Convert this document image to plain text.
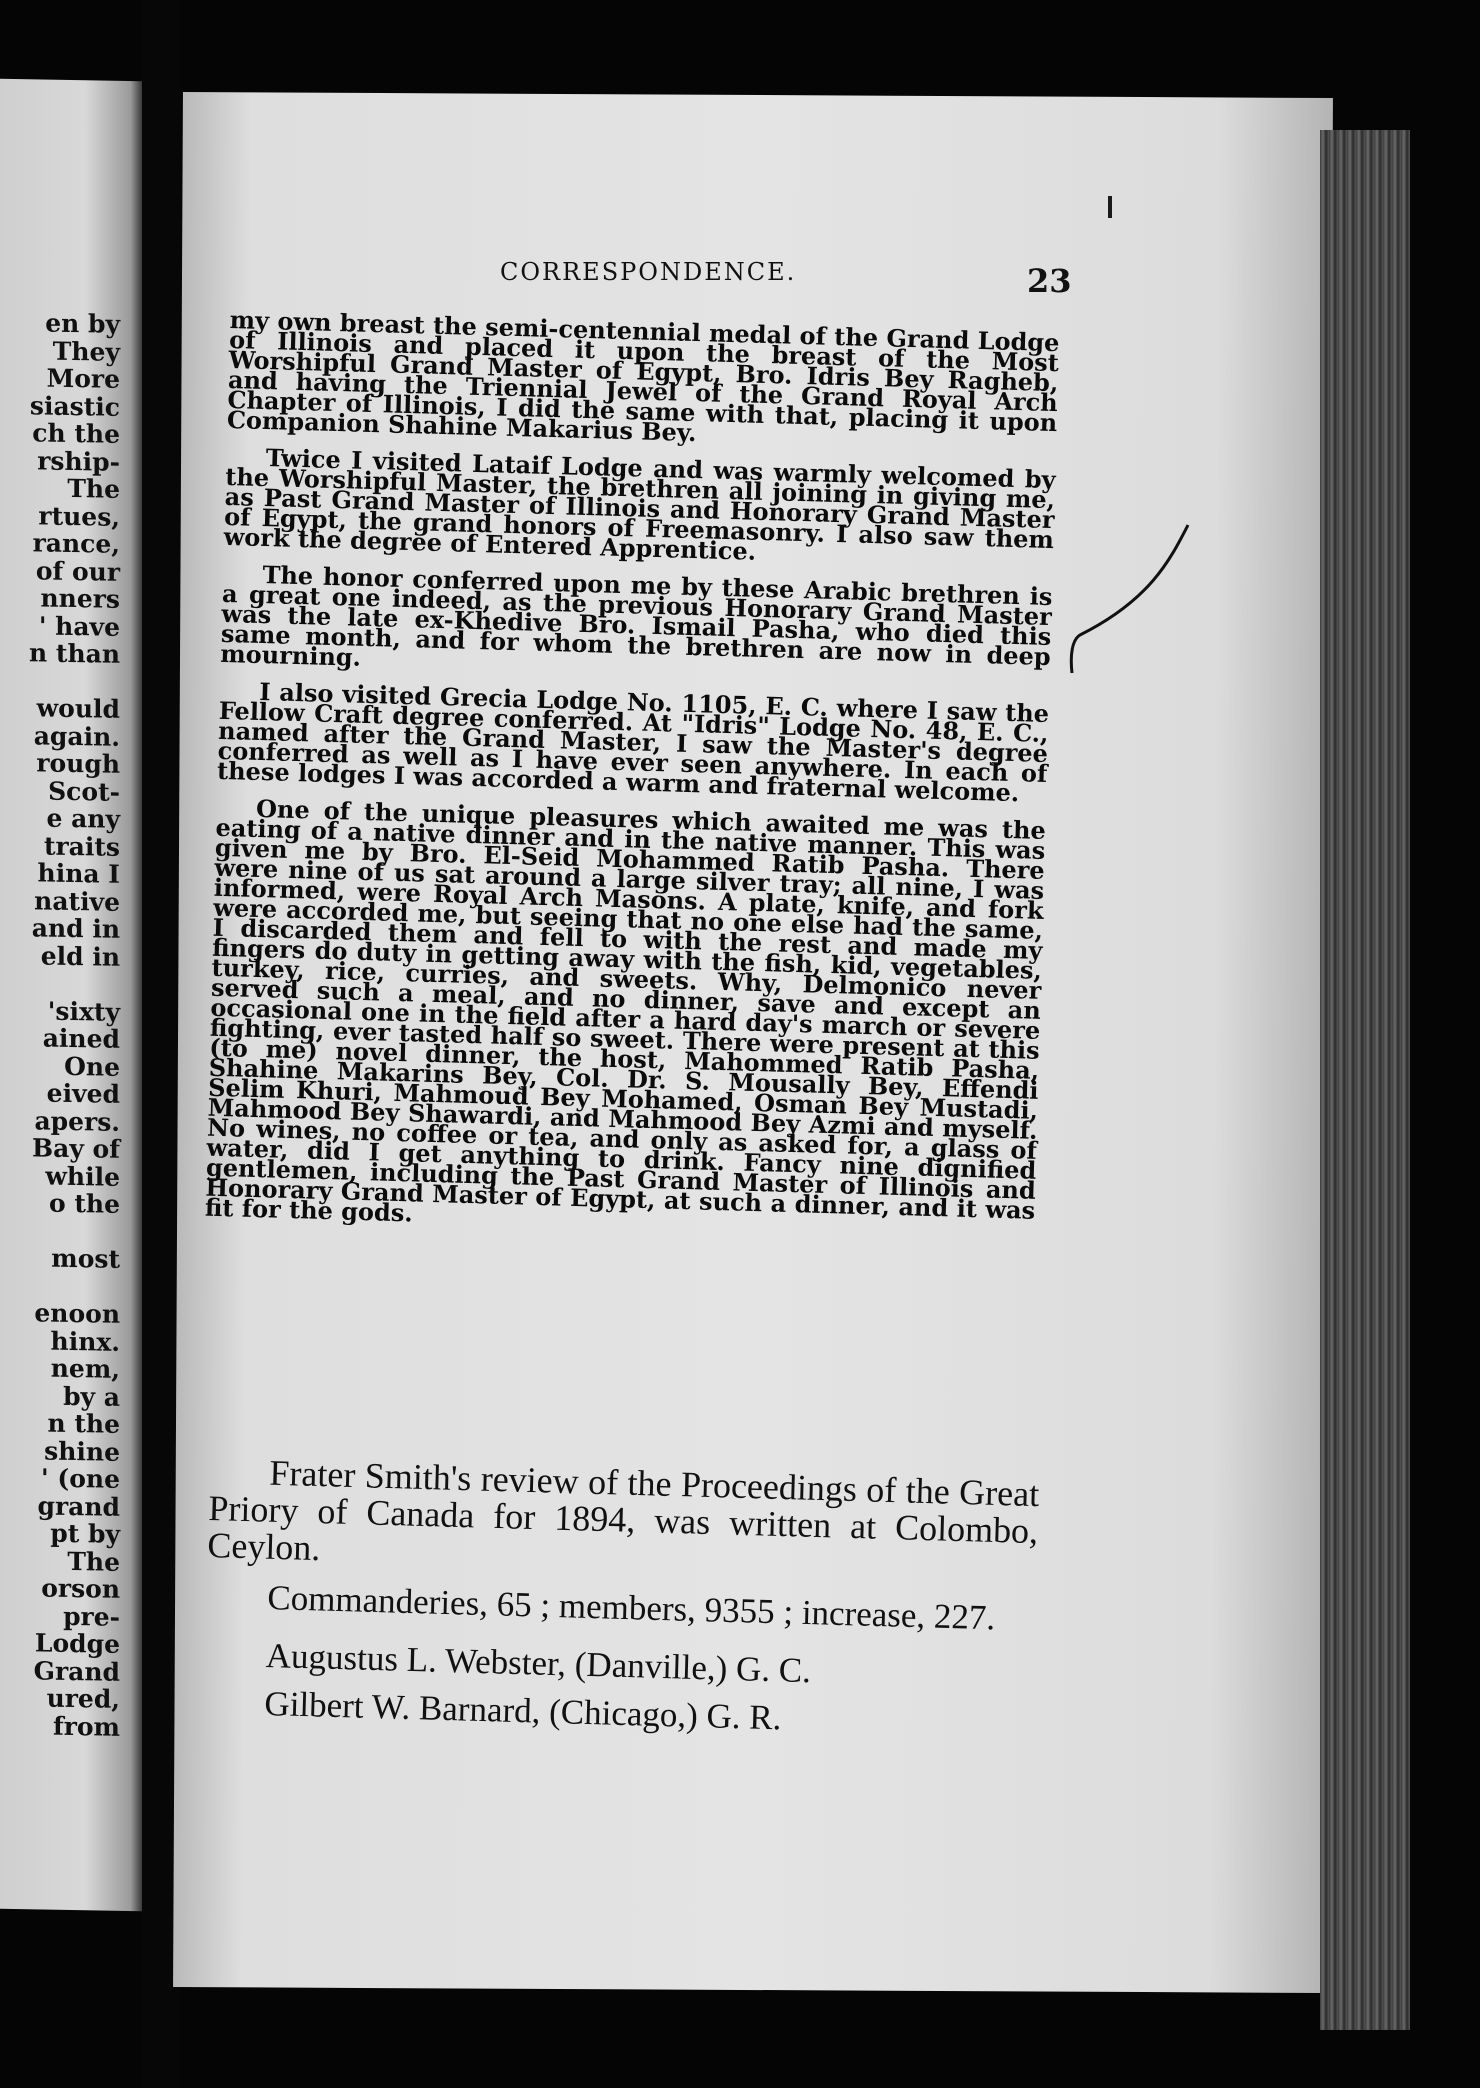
en by
They
More
siastic
ch the
rship-
The
rtues,
rance,
of our
nners
' have
n than
would
again.
rough
Scot-
e any
traits
hina I
native
and in
eld in
'sixty
ained
One
eived
apers.
Bay of
while
o the
most
enoon
hinx.
nem,
by a
n the
shine
' (one
grand
pt by
The
orson
pre-
Lodge
Grand
ured,
from
CORRESPONDENCE.	23

my own breast the semi-centennial medal of the Grand Lodge of Illinois and placed it upon the breast of the Most Worshipful Grand Master of Egypt, Bro. Idris Bey Ragheb, and having the Triennial Jewel of the Grand Royal Arch Chapter of Illinois, I did the same with that, placing it upon Companion Shahine Makarius Bey.

Twice I visited Lataif Lodge and was warmly welcomed by the Worshipful Master, the brethren all joining in giving me, as Past Grand Master of Illinois and Honorary Grand Master of Egypt, the grand honors of Freemasonry. I also saw them work the degree of Entered Apprentice.

The honor conferred upon me by these Arabic brethren is a great one indeed, as the previous Honorary Grand Master was the late ex-Khedive Bro. Ismail Pasha, who died this same month, and for whom the brethren are now in deep mourning.

I also visited Grecia Lodge No. 1105, E. C. where I saw the Fellow Craft degree conferred. At "Idris" Lodge No. 48, E. C., named after the Grand Master, I saw the Master's degree conferred as well as I have ever seen anywhere. In each of these lodges I was accorded a warm and fraternal welcome.

One of the unique pleasures which awaited me was the eating of a native dinner and in the native manner. This was given me by Bro. El-Seid Mohammed Ratib Pasha. There were nine of us sat around a large silver tray; all nine, I was informed, were Royal Arch Masons. A plate, knife, and fork were accorded me, but seeing that no one else had the same, I discarded them and fell to with the rest and made my fingers do duty in getting away with the fish, kid, vegetables, turkey, rice, curries, and sweets. Why, Delmonico never served such a meal, and no dinner, save and except an occasional one in the field after a hard day's march or severe fighting, ever tasted half so sweet. There were present at this (to me) novel dinner, the host, Mahommed Ratib Pasha, Shahine Makarins Bey, Col. Dr. S. Mousally Bey, Effendi Selim Khuri, Mahmoud Bey Mohamed, Osman Bey Mustadi, Mahmood Bey Shawardi, and Mahmood Bey Azmi and myself. No wines, no coffee or tea, and only as asked for, a glass of water, did I get anything to drink. Fancy nine dignified gentlemen, including the Past Grand Master of Illinois and Honorary Grand Master of Egypt, at such a dinner, and it was fit for the gods.

Frater Smith's review of the Proceedings of the Great Priory of Canada for 1894, was written at Colombo, Ceylon.
Commanderies, 65 ; members, 9355 ; increase, 227.
Augustus L. Webster, (Danville,) G. C.
Gilbert W. Barnard, (Chicago,) G. R.
